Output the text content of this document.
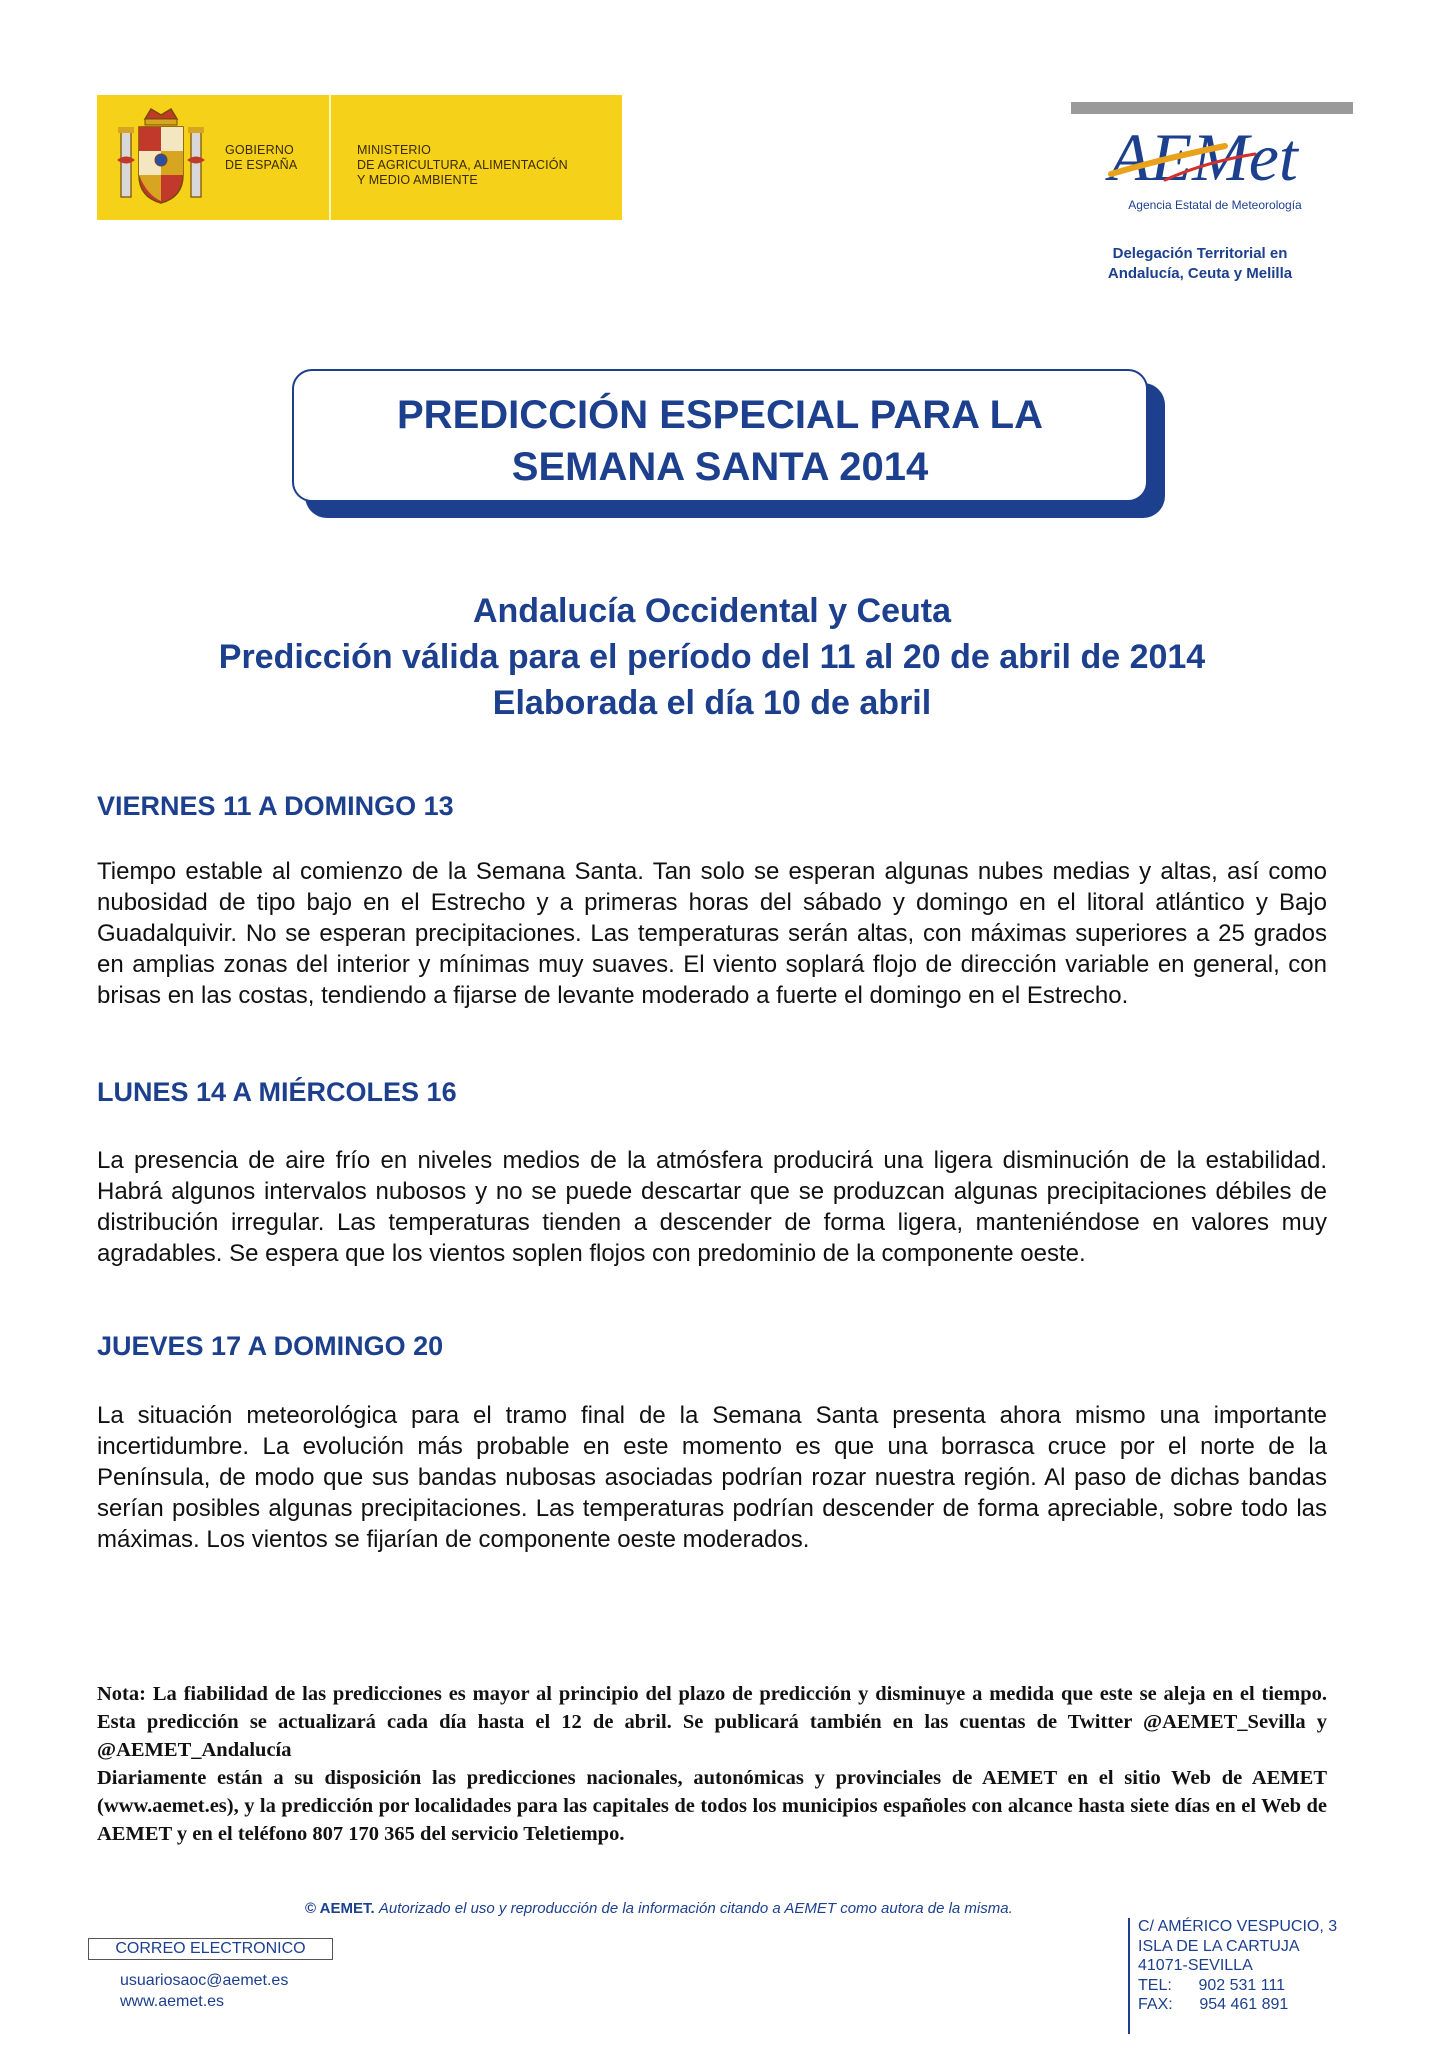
GOBIERNO
DE ESPAÑA
MINISTERIO
DE AGRICULTURA, ALIMENTACIÓN
Y MEDIO AMBIENTE	AEMet
Agencia Estatal de Meteorología
Delegación Territorial en
Andalucía, Ceuta y Melilla
PREDICCIÓN ESPECIAL PARA LA
SEMANA SANTA 2014
Andalucía Occidental y Ceuta
Predicción válida para el período del 11 al 20 de abril de 2014
Elaborada el día 10 de abril
VIERNES 11 A DOMINGO 13
Tiempo estable al comienzo de la Semana Santa. Tan solo se esperan algunas nubes medias y altas, así como nubosidad de tipo bajo en el Estrecho y a primeras horas del sábado y domingo en el litoral atlántico y Bajo Guadalquivir. No se esperan precipitaciones. Las temperaturas serán altas, con máximas superiores a 25 grados en amplias zonas del interior y mínimas muy suaves. El viento soplará flojo de dirección variable en general, con brisas en las costas, tendiendo a fijarse de levante moderado a fuerte el domingo en el Estrecho.
LUNES 14 A MIÉRCOLES 16
La presencia de aire frío en niveles medios de la atmósfera producirá una ligera disminución de la estabilidad. Habrá algunos intervalos nubosos y no se puede descartar que se produzcan algunas precipitaciones débiles de distribución irregular. Las temperaturas tienden a descender de forma ligera, manteniéndose en valores muy agradables. Se espera que los vientos soplen flojos con predominio de la componente oeste.
JUEVES 17 A DOMINGO 20
La situación meteorológica para el tramo final de la Semana Santa presenta ahora mismo una importante incertidumbre. La evolución más probable en este momento es que una borrasca cruce por el norte de la Península, de modo que sus bandas nubosas asociadas podrían rozar nuestra región. Al paso de dichas bandas serían posibles algunas precipitaciones. Las temperaturas podrían descender de forma apreciable, sobre todo las máximas. Los vientos se fijarían de componente oeste moderados.

Nota: La fiabilidad de las predicciones es mayor al principio del plazo de predicción y disminuye a medida que este se aleja en el tiempo. Esta predicción se actualizará cada día hasta el 12 de abril. Se publicará también en las cuentas de Twitter @AEMET_Sevilla y @AEMET_Andalucía

Diariamente están a su disposición las predicciones nacionales, autonómicas y provinciales de AEMET en el sitio Web de AEMET (www.aemet.es), y la predicción por localidades para las capitales de todos los municipios españoles con alcance hasta siete días en el Web de AEMET y en el teléfono 807 170 365 del servicio Teletiempo.

© AEMET. Autorizado el uso y reproducción de la información citando a AEMET como autora de la misma.
CORREO ELECTRONICO
usuariosaoc@aemet.es
www.aemet.es
C/ AMÉRICO VESPUCIO, 3
ISLA DE LA CARTUJA
41071-SEVILLA
TEL:      902 531 111
FAX:      954 461 891
